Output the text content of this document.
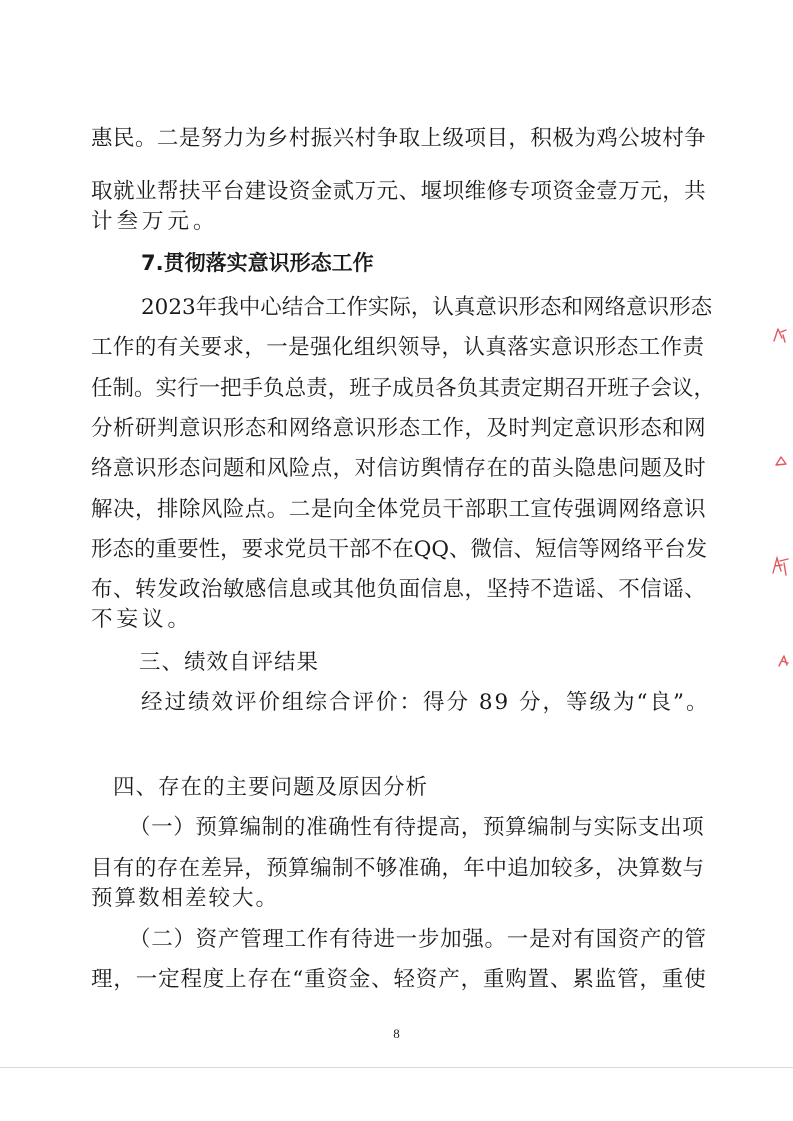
惠 民 。 二 是 努 力 为 乡 村 振 兴 村 争 取 上 级 项 目 ， 积 极 为 鸡 公 坡 村 争
取 就 业 帮 扶 平 台 建 设 资 金 贰 万 元 、 堰 坝 维 修 专 项 资 金 壹 万 元 ， 共
计叁万元。
7.贯彻落实意识形态工作
2023 年 我 中 心 结 合 工 作 实 际 ， 认 真 意 识 形 态 和 网 络 意 识 形 态
工 作 的 有 关 要 求 ， 一 是 强 化 组 织 领 导 ， 认 真 落 实 意 识 形 态 工 作 责
任 制 。 实 行 一 把 手 负 总 责 ， 班 子 成 员 各 负 其 责 定 期 召 开 班 子 会 议 ，
分 析 研 判 意 识 形 态 和 网 络 意 识 形 态 工 作 ， 及 时 判 定 意 识 形 态 和 网
络 意 识 形 态 问 题 和 风 险 点 ， 对 信 访 舆 情 存 在 的 苗 头 隐 患 问 题 及 时
解 决 ， 排 除 风 险 点 。 二 是 向 全 体 党 员 干 部 职 工 宣 传 强 调 网 络 意 识
形 态 的 重 要 性 ， 要 求 党 员 干 部 不 在 QQ 、 微 信 、 短 信 等 网 络 平 台 发
布 、 转 发 政 治 敏 感 信 息 或 其 他 负 面 信 息 ， 坚 持 不 造 谣 、 不 信 谣 、
不妄议。
三、绩效自评结果
经过绩效评价组综合评价：得分 89 分，等级为“良”。
四、存在的主要问题及原因分析
（ 一 ） 预 算 编 制 的 准 确 性 有 待 提 高 ， 预 算 编 制 与 实 际 支 出 项
目 有 的 存 在 差 异 ， 预 算 编 制 不 够 准 确 ， 年 中 追 加 较 多 ， 决 算 数 与
预算数相差较大。
（ 二 ） 资 产 管 理 工 作 有 待 进 一 步 加 强 。 一 是 对 有 国 资 产 的 管
理 ， 一 定 程 度 上 存 在 “ 重 资 金 、 轻 资 产 ， 重 购 置 、 累 监 管 ， 重 使
8
